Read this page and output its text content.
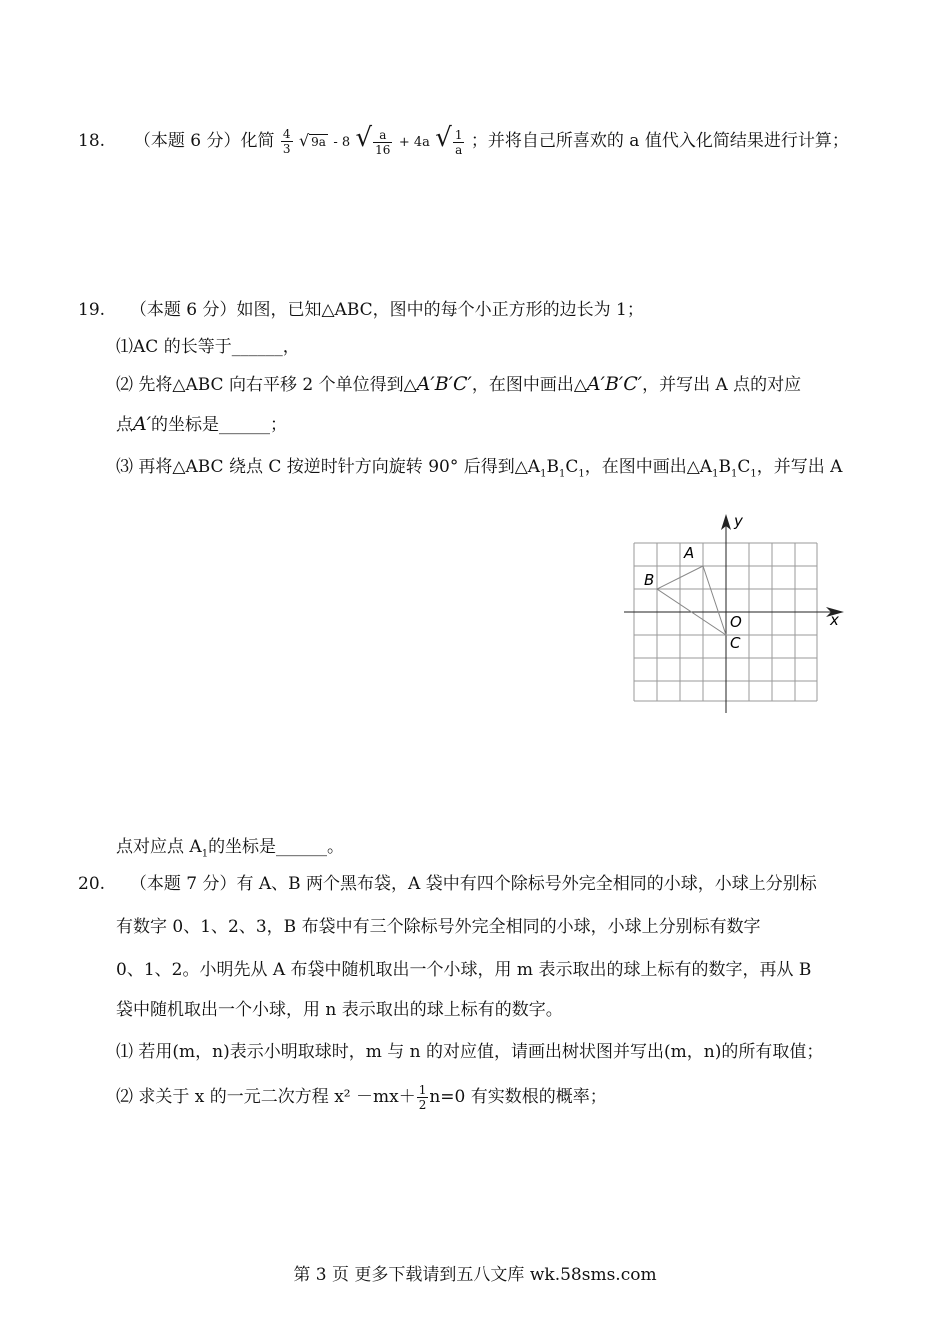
18. （本题 6 分）化简 $\frac{4}{3}$ √ 9a - 8 √ $\frac{a}{16} + 4a$ √ $\frac{1}{a}$ ；并将自己所喜欢的 a 值代入化简结果进行计算；
19. （本题 6 分）如图，已知△ABC，图中的每个小正方形的边长为 1；
⑴AC 的长等于______，
⑵ 先将△ABC 向右平移 2 个单位得到△A′B′C′，在图中画出△A′B′C′，并写出 A 点的对应
点A′的坐标是______；
⑶ 再将△ABC 绕点 C 按逆时针方向旋转 90° 后得到$\triangle A_1B_1C_1$，在图中画出$\triangle A_1B_1C_1$，并写出 A
y
x
A
B
O
C
点对应点 $A_1$的坐标是______。
20. （本题 7 分）有 A、B 两个黑布袋，A 袋中有四个除标号外完全相同的小球，小球上分别标
有数字 0、1、2、3，B 布袋中有三个除标号外完全相同的小球，小球上分别标有数字
0、1、2。小明先从 A 布袋中随机取出一个小球，用 m 表示取出的球上标有的数字，再从 B
袋中随机取出一个小球，用 n 表示取出的球上标有的数字。
⑴ 若用(m，n)表示小明取球时，m 与 n 的对应值，请画出树状图并写出(m，n)的所有取值；
⑵ 求关于 x 的一元二次方程 $x^2 -mx+ \frac{1}{2} n=0$ 有实数根的概率；
第 3 页 更多下载请到五八文库 wk.58sms.com
